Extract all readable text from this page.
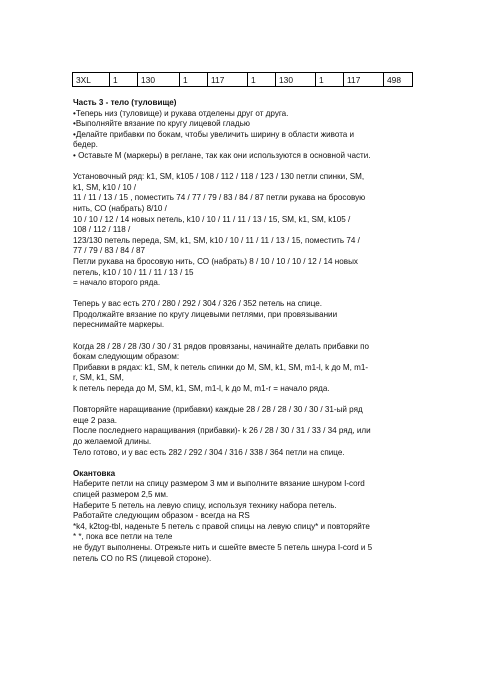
3XL	1	130	1	117	1	130	1	117	498

Часть 3 - тело (туловище)

•Теперь низ (туловище) и рукава отделены друг от друга.

•Выполняйте вязание по кругу лицевой гладью

•Делайте прибавки по бокам, чтобы увеличить ширину в области живота и

бедер.

• Оставьте М (маркеры) в реглане, так как они используются в основной части.

Установочный ряд: k1, SM, k105 / 108 / 112 / 118 / 123 / 130 петли спинки, SM,

k1, SM, k10 / 10 /

11 / 11 / 13 / 15 , поместить 74 / 77 / 79 / 83 / 84 / 87 петли рукава на бросовую

нить, СО (набрать) 8/10 /

10 / 10 / 12 / 14 новых петель, k10 / 10 / 11 / 11 / 13 / 15, SM, k1, SM, k105 /

108 / 112 / 118 /

123/130 петель переда, SM, k1, SM, k10 / 10 / 11 / 11 / 13 / 15, поместить 74 /

77 / 79 / 83 / 84 / 87

Петли рукава на бросовую нить, СО (набрать) 8 / 10 / 10 / 10 / 12 / 14 новых

петель, k10 / 10 / 11 / 11 / 13 / 15

= начало второго ряда.

Теперь у вас есть 270 / 280 / 292 / 304 / 326 / 352 петель на спице.

Продолжайте вязание по кругу лицевыми петлями, при провязывании

переснимайте маркеры.

Когда 28 / 28 / 28 /30 / 30 / 31 рядов провязаны, начинайте делать прибавки по

бокам следующим образом:

Прибавки в рядах: k1, SM, k петель спинки до M, SM, k1, SM, m1-l, k до M, m1-

r, SM, k1, SM,

k петель переда до M, SM, k1, SM, m1-l, k до M, m1-r = начало ряда.

Повторяйте наращивание (прибавки) каждые 28 / 28 / 28 / 30 / 30 / 31-ый ряд

еще 2 раза.

После последнего наращивания (прибавки)- k 26 / 28 / 30 / 31 / 33 / 34 ряд, или

до желаемой длины.

Тело готово, и у вас есть 282 / 292 / 304 / 316 / 338 / 364 петли на спице.

Окантовка

Наберите петли на спицу размером 3 мм и выполните вязание шнуром I-cord

спицей размером 2,5 мм.

Наберите 5 петель на левую спицу, используя технику набора петель.

Работайте следующим образом - всегда на RS

*k4, k2tog-tbl, наденьте 5 петель с правой спицы на левую спицу* и повторяйте

* *, пока все петли на теле

не будут выполнены. Отрежьте нить и сшейте вместе 5 петель шнура I-cord и 5

петель CO по RS (лицевой стороне).
